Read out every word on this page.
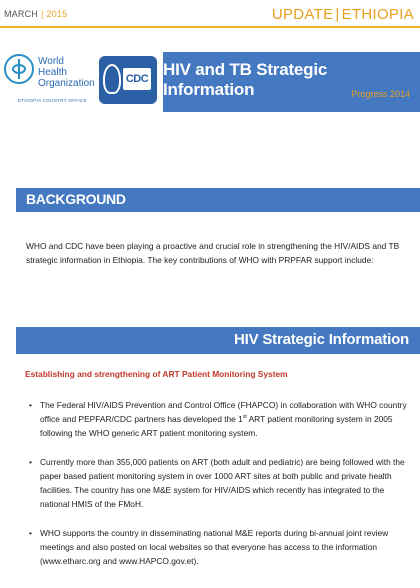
MARCH | 2015	UPDATE | ETHIOPIA
World Health
Organization
ETHIOPIA COUNTRY OFFICE
CDC HIV and TB Strategic Information	Progress 2014
BACKGROUND
WHO and CDC have been playing a proactive and crucial role in strengthening the HIV/AIDS and TB strategic information in Ethiopia. The key contributions of WHO with PRPFAR support include:
HIV Strategic Information
Establishing and strengthening of ART Patient Monitoring System
• The Federal HIV/AIDS Prevention and Control Office (FHAPCO) in collaboration with WHO country office and PEPFAR/CDC partners has developed the 1st ART patient monitoring system in 2005 following the WHO generic ART patient monitoring system.
• Currently more than 355,000 patients on ART (both adult and pediatric) are being followed with the paper based patient monitoring system in over 1000 ART sites at both public and private health facilities. The country has one M&E system for HIV/AIDS which recently has integrated to the national HMIS of the FMoH.
• WHO supports the country in disseminating national M&E reports during bi-annual joint review meetings and also posted on local websites so that everyone has access to the information (www.etharc.org and www.HAPCO.gov.et).
